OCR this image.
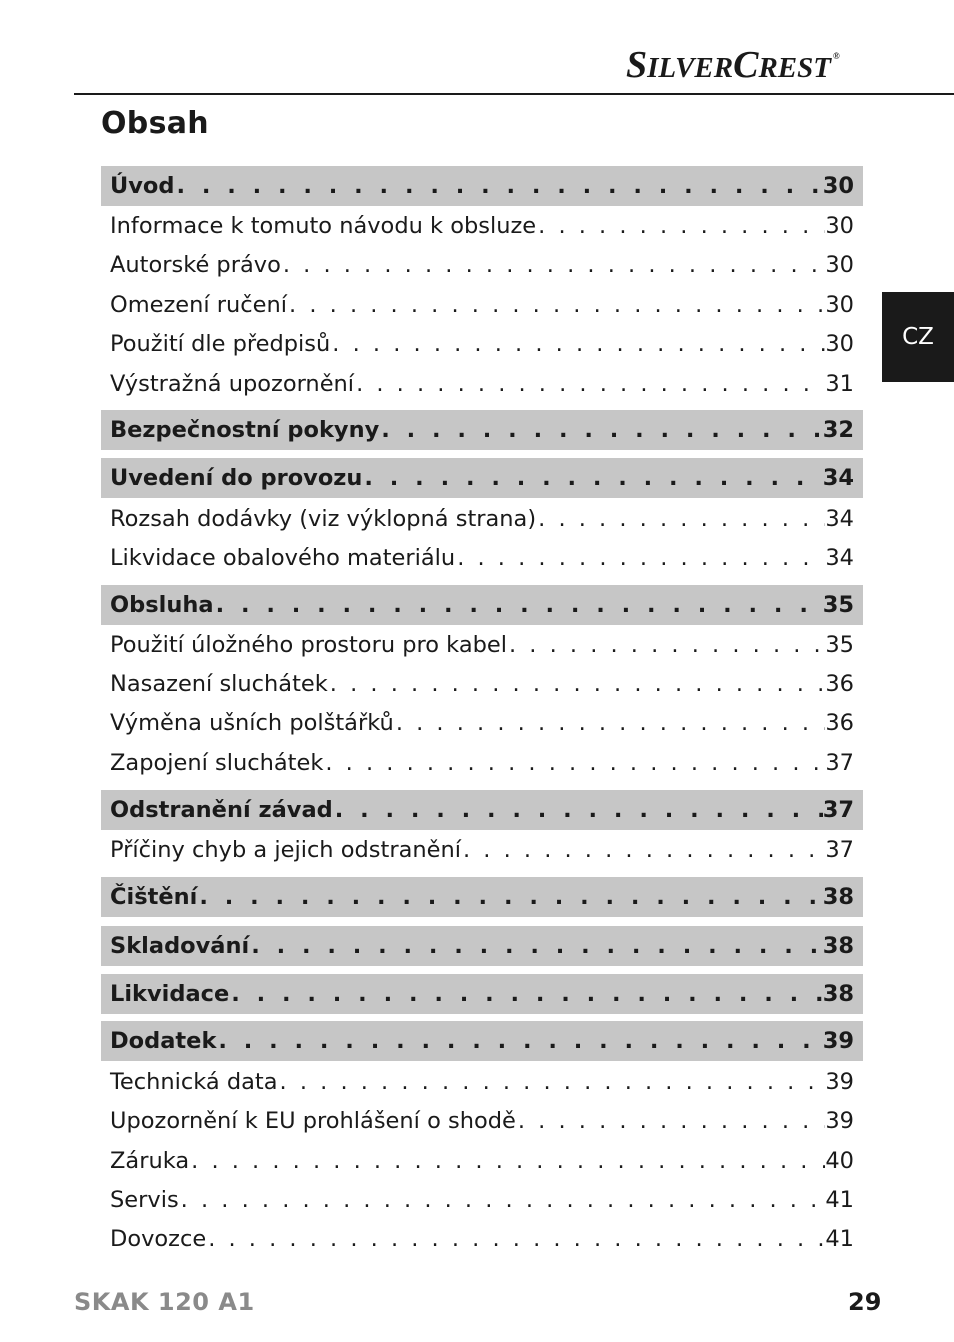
SILVERCREST ®
Obsah
CZ
Úvod . . .	30
Informace k tomuto návodu k obsluze . . .	30
Autorské právo . . .	30
Omezení ručení . . .	30
Použití dle předpisů . . .	30
Výstražná upozornění . . .	31
Bezpečnostní pokyny . . .	32
Uvedení do provozu . . .	34
Rozsah dodávky (viz výklopná strana) . . .	34
Likvidace obalového materiálu . . .	34
Obsluha . . .	35
Použití úložného prostoru pro kabel . . .	35
Nasazení sluchátek . . .	36
Výměna ušních polštářků . . .	36
Zapojení sluchátek . . .	37
Odstranění závad . . .	37
Příčiny chyb a jejich odstranění . . .	37
Čištění . . .	38
Skladování . . .	38
Likvidace . . .	38
Dodatek . . .	39
Technická data . . .	39
Upozornění k EU prohlášení o shodě . . .	39
Záruka . . .	40
Servis . . .	41
Dovozce . . .	41
SKAK 120 A1	29
